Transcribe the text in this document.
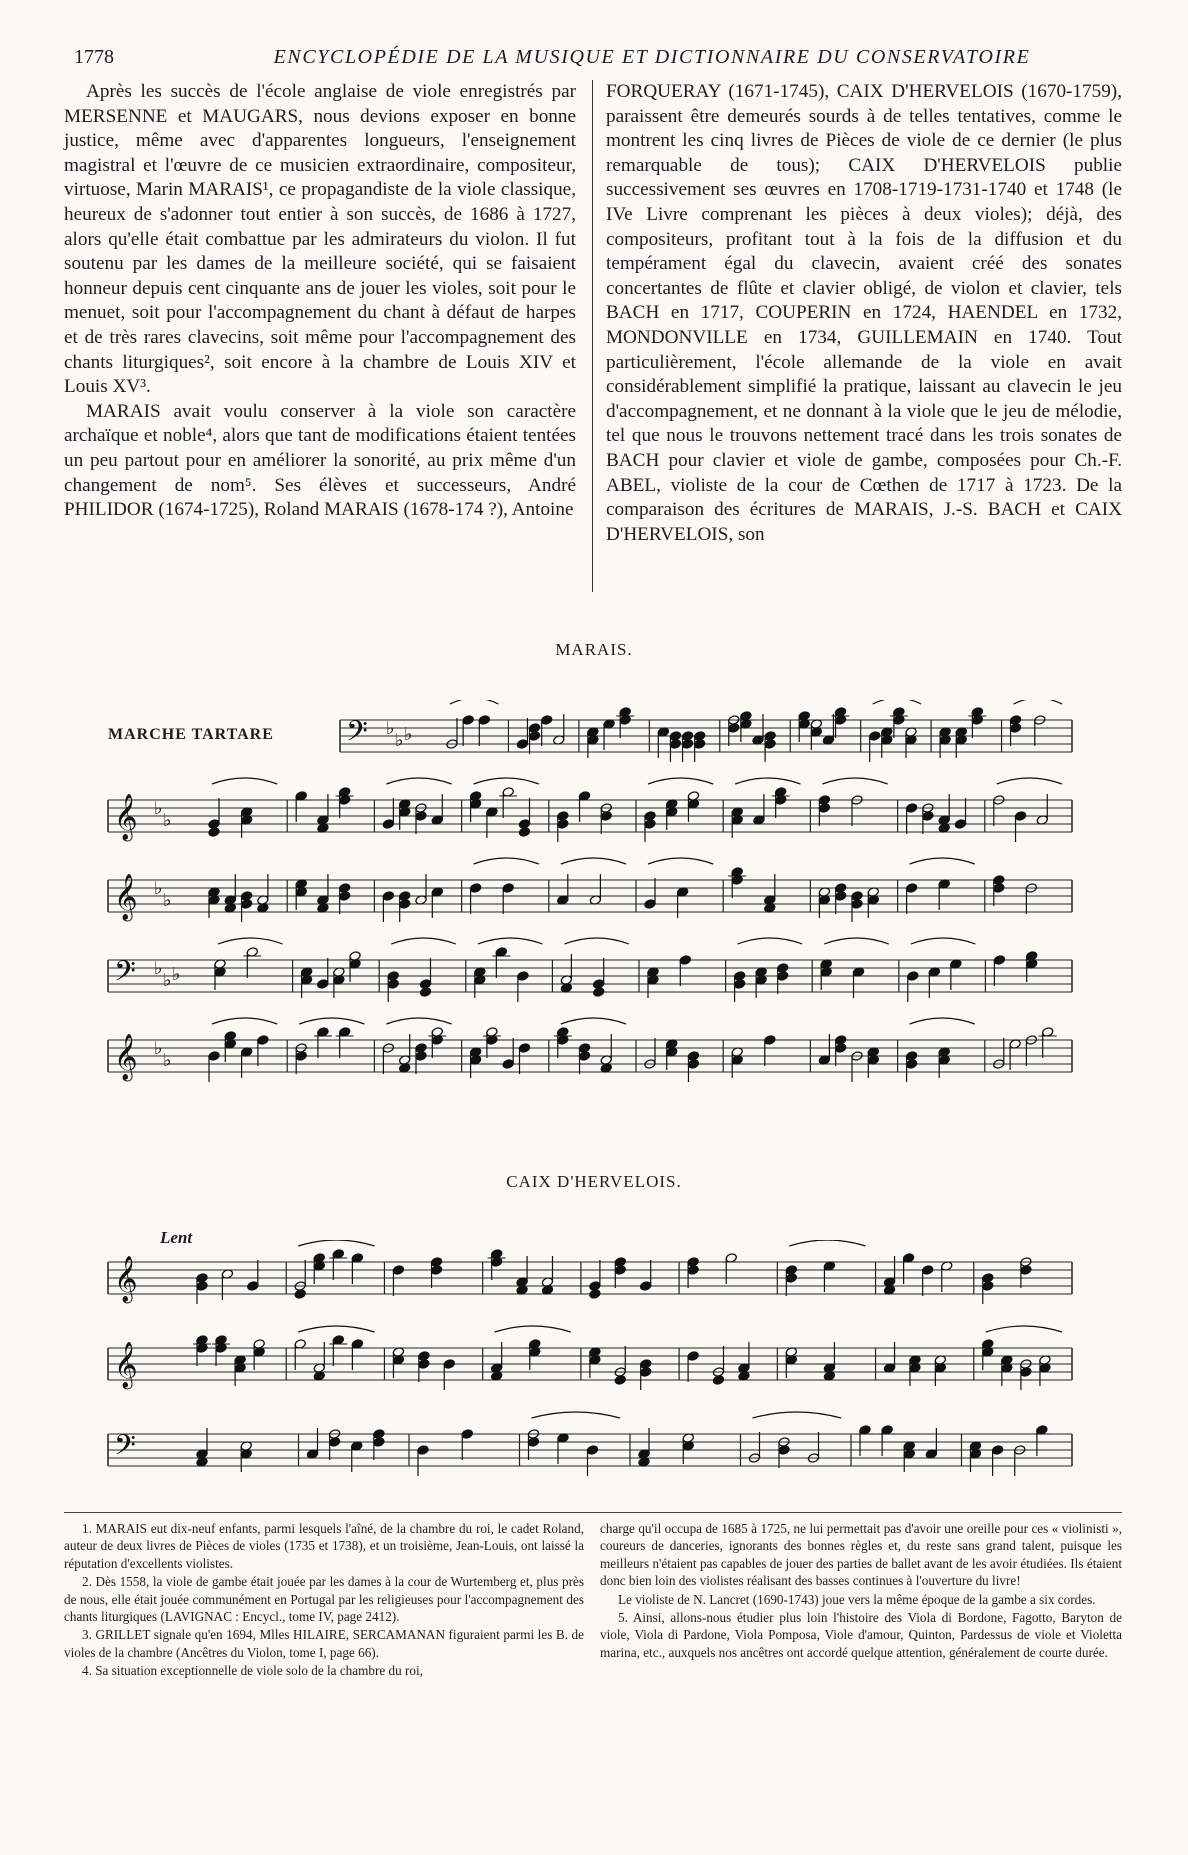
1778	ENCYCLOPÉDIE DE LA MUSIQUE ET DICTIONNAIRE DU CONSERVATOIRE

Après les succès de l'école anglaise de viole enregistrés par MERSENNE et MAUGARS, nous devions exposer en bonne justice, même avec d'apparentes longueurs, l'enseignement magistral et l'œuvre de ce musicien extraordinaire, compositeur, virtuose, Marin MARAIS¹, ce propagandiste de la viole classique, heureux de s'adonner tout entier à son succès, de 1686 à 1727, alors qu'elle était combattue par les admirateurs du violon. Il fut soutenu par les dames de la meilleure société, qui se faisaient honneur depuis cent cinquante ans de jouer les violes, soit pour le menuet, soit pour l'accompagnement du chant à défaut de harpes et de très rares clavecins, soit même pour l'accompagnement des chants liturgiques², soit encore à la chambre de Louis XIV et Louis XV³.

MARAIS avait voulu conserver à la viole son caractère archaïque et noble⁴, alors que tant de modifications étaient tentées un peu partout pour en améliorer la sonorité, au prix même d'un changement de nom⁵. Ses élèves et successeurs, André PHILIDOR (1674-1725), Roland MARAIS (1678-174 ?), Antoine

FORQUERAY (1671-1745), CAIX D'HERVELOIS (1670-1759), paraissent être demeurés sourds à de telles tentatives, comme le montrent les cinq livres de Pièces de viole de ce dernier (le plus remarquable de tous); CAIX D'HERVELOIS publie successivement ses œuvres en 1708-1719-1731-1740 et 1748 (le IVe Livre comprenant les pièces à deux violes); déjà, des compositeurs, profitant tout à la fois de la diffusion et du tempérament égal du clavecin, avaient créé des sonates concertantes de flûte et clavier obligé, de violon et clavier, tels BACH en 1717, COUPERIN en 1724, HAENDEL en 1732, MONDONVILLE en 1734, GUILLEMAIN en 1740. Tout particulièrement, l'école allemande de la viole en avait considérablement simplifié la pratique, laissant au clavecin le jeu d'accompagnement, et ne donnant à la viole que le jeu de mélodie, tel que nous le trouvons nettement tracé dans les trois sonates de BACH pour clavier et viole de gambe, composées pour Ch.-F. ABEL, violiste de la cour de Cœthen de 1717 à 1723. De la comparaison des écritures de MARAIS, J.-S. BACH et CAIX D'HERVELOIS, son

MARAIS.
MARCHE TARTARE 𝄢 ♭
♭ ♭
𝄞 ♭
♭
𝄞 ♭
♭
𝄢 ♭
♭ ♭
𝄞 ♭
♭
CAIX D'HERVELOIS.
Lent
𝄞
𝄞
𝄢

1. MARAIS eut dix-neuf enfants, parmi lesquels l'aîné, de la chambre du roi, le cadet Roland, auteur de deux livres de Pièces de violes (1735 et 1738), et un troisième, Jean-Louis, ont laissé la réputation d'excellents violistes.

2. Dès 1558, la viole de gambe était jouée par les dames à la cour de Wurtemberg et, plus près de nous, elle était jouée communément en Portugal par les religieuses pour l'accompagnement des chants liturgiques (LAVIGNAC : Encycl., tome IV, page 2412).

3. GRILLET signale qu'en 1694, Mlles HILAIRE, SERCAMANAN figuraient parmi les B. de violes de la chambre (Ancêtres du Violon, tome I, page 66).

4. Sa situation exceptionnelle de viole solo de la chambre du roi,

charge qu'il occupa de 1685 à 1725, ne lui permettait pas d'avoir une oreille pour ces « violinisti », coureurs de danceries, ignorants des bonnes règles et, du reste sans grand talent, puisque les meilleurs n'étaient pas capables de jouer des parties de ballet avant de les avoir étudiées. Ils étaient donc bien loin des violistes réalisant des basses continues à l'ouverture du livre!

Le violiste de N. Lancret (1690-1743) joue vers la même époque de la gambe a six cordes.

5. Ainsi, allons-nous étudier plus loin l'histoire des Viola di Bordone, Fagotto, Baryton de viole, Viola di Pardone, Viola Pomposa, Viole d'amour, Quinton, Pardessus de viole et Violetta marina, etc., auxquels nos ancêtres ont accordé quelque attention, généralement de courte durée.
